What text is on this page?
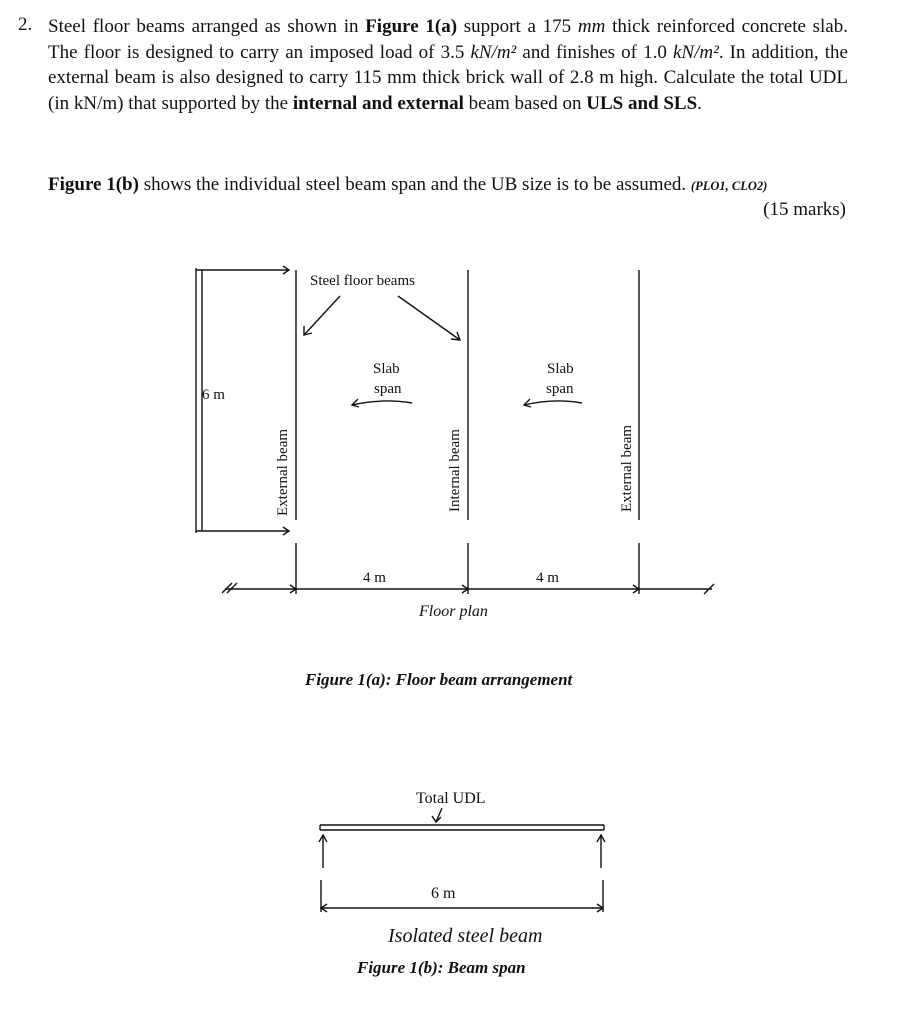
2. Steel floor beams arranged as shown in Figure 1(a) support a 175 mm thick reinforced concrete slab. The floor is designed to carry an imposed load of 3.5 kN/m² and finishes of 1.0 kN/m². In addition, the external beam is also designed to carry 115 mm thick brick wall of 2.8 m high. Calculate the total UDL (in kN/m) that supported by the internal and external beam based on ULS and SLS.
Figure 1(b) shows the individual steel beam span and the UB size is to be assumed. (PLO1, CLO2)
(15 marks)
Steel floor beams
Slab
span
Slab
span
6 m
External beam	Internal beam	External beam
4 m	4 m
Floor plan
Figure 1(a): Floor beam arrangement
Total UDL
6 m
Isolated steel beam
Figure 1(b): Beam span
